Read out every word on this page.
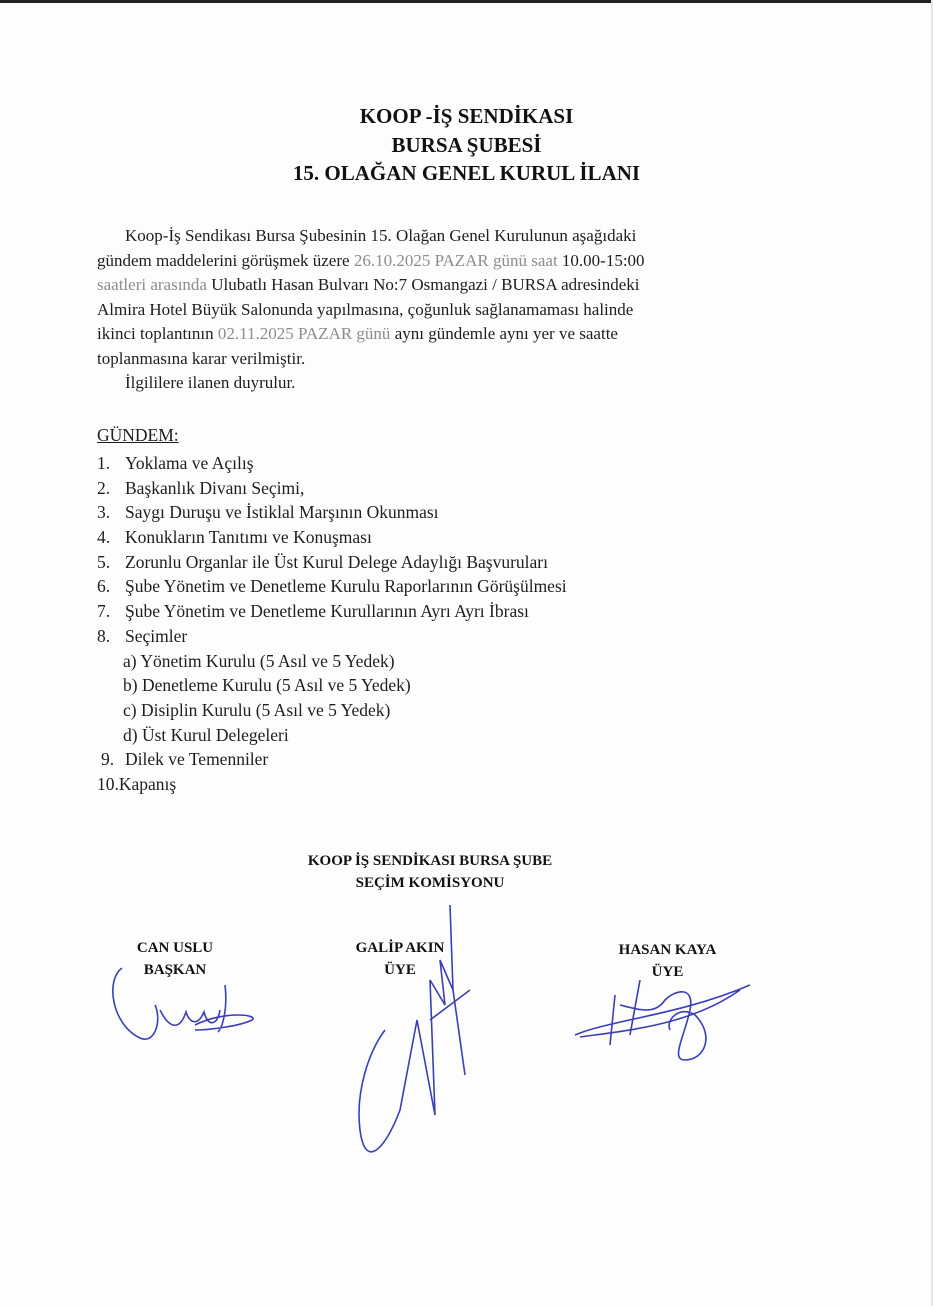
KOOP -İŞ SENDİKASI
BURSA ŞUBESİ
15. OLAĞAN GENEL KURUL İLANI
Koop-İş Sendikası Bursa Şubesinin 15. Olağan Genel Kurulunun aşağıdaki
gündem maddelerini görüşmek üzere 26.10.2025 PAZAR günü saat 10.00-15:00
saatleri arasında Ulubatlı Hasan Bulvarı No:7 Osmangazi / BURSA adresindeki
Almira Hotel Büyük Salonunda yapılmasına, çoğunluk sağlanamaması halinde
ikinci toplantının 02.11.2025 PAZAR günü aynı gündemle aynı yer ve saatte
toplanmasına karar verilmiştir.
İlgililere ilanen duyrulur.
GÜNDEM:
1. Yoklama ve Açılış
2. Başkanlık Divanı Seçimi,
3. Saygı Duruşu ve İstiklal Marşının Okunması
4. Konukların Tanıtımı ve Konuşması
5. Zorunlu Organlar ile Üst Kurul Delege Adaylığı Başvuruları
6. Şube Yönetim ve Denetleme Kurulu Raporlarının Görüşülmesi
7. Şube Yönetim ve Denetleme Kurullarının Ayrı Ayrı İbrası
8. Seçimler
a) Yönetim Kurulu (5 Asıl ve 5 Yedek)
b) Denetleme Kurulu (5 Asıl ve 5 Yedek)
c) Disiplin Kurulu (5 Asıl ve 5 Yedek)
d) Üst Kurul Delegeleri
9. Dilek ve Temenniler
10.Kapanış
KOOP İŞ SENDİKASI BURSA ŞUBE
SEÇİM KOMİSYONU
CAN USLU
BAŞKAN
GALİP AKIN
ÜYE
HASAN KAYA
ÜYE
